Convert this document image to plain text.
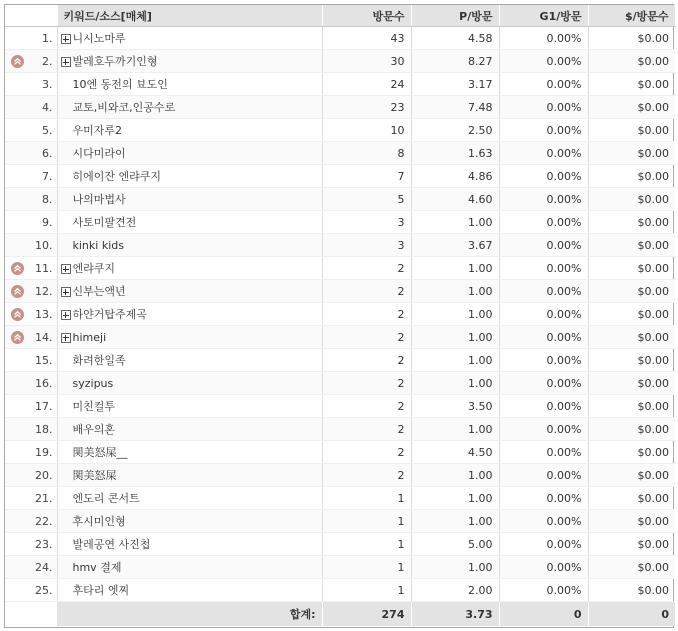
		키워드/소스[매체]	방문수	P/방문	G1/방문	$/방문수
	1.	니시노마루	43	4.58	0.00%	$0.00

	2.	발레호두까기인형	30	8.27	0.00%	$0.00
	3.	10엔 동전의 뵤도인	24	3.17	0.00%	$0.00
	4.	교토,비와코,인공수로	23	7.48	0.00%	$0.00
	5.	우미자루2	10	2.50	0.00%	$0.00
	6.	시다미라이	8	1.63	0.00%	$0.00
	7.	히에이잔 엔랴쿠지	7	4.86	0.00%	$0.00
	8.	나의마법사	5	4.60	0.00%	$0.00
	9.	사토미팔견전	3	1.00	0.00%	$0.00
	10.	kinki kids	3	3.67	0.00%	$0.00

	11.	엔랴쿠지	2	1.00	0.00%	$0.00

	12.	신부는액년	2	1.00	0.00%	$0.00

	13.	하얀거탑주제곡	2	1.00	0.00%	$0.00

	14.	himeji	2	1.00	0.00%	$0.00
	15.	화려한일족	2	1.00	0.00%	$0.00
	16.	syzipus	2	1.00	0.00%	$0.00
	17.	미친컬투	2	3.50	0.00%	$0.00
	18.	배우의혼	2	1.00	0.00%	$0.00
	19.	関美怒屎__	2	4.50	0.00%	$0.00
	20.	関美怒屎	2	1.00	0.00%	$0.00
	21.	엔도리 콘서트	1	1.00	0.00%	$0.00
	22.	후시미인형	1	1.00	0.00%	$0.00
	23.	발레공연 사진첩	1	5.00	0.00%	$0.00
	24.	hmv 결제	1	1.00	0.00%	$0.00
	25.	후타리 엣찌	1	2.00	0.00%	$0.00
		합계:	274	3.73	0	0
